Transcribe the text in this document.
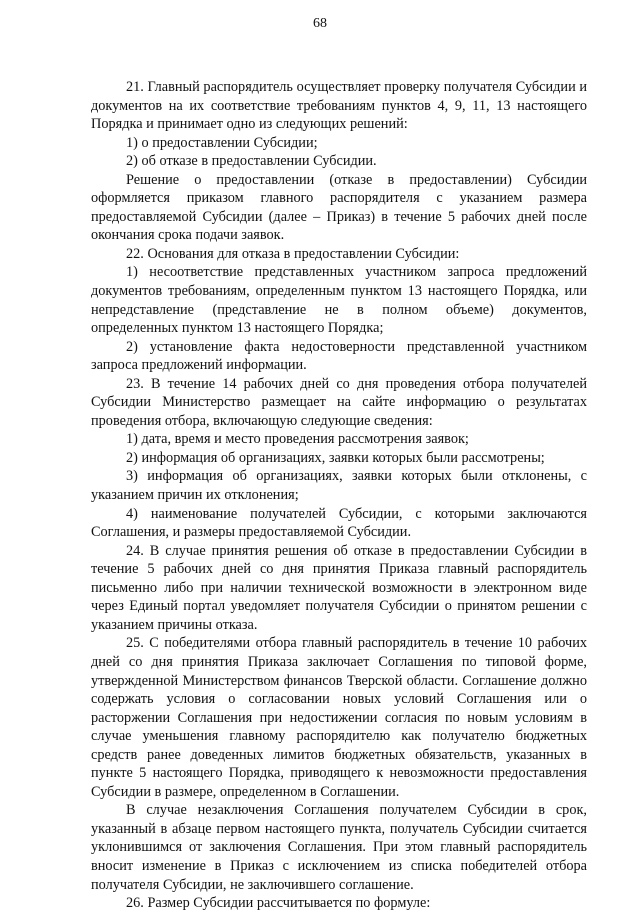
68

21. Главный распорядитель осуществляет проверку получателя Субсидии и документов на их соответствие требованиям пунктов 4, 9, 11, 13 настоящего Порядка и принимает одно из следующих решений:

1) о предоставлении Субсидии;

2) об отказе в предоставлении Субсидии.

Решение о предоставлении (отказе в предоставлении) Субсидии оформляется приказом главного распорядителя с указанием размера предоставляемой Субсидии (далее – Приказ) в течение 5 рабочих дней после окончания срока подачи заявок.

22. Основания для отказа в предоставлении Субсидии:

1) несоответствие представленных участником запроса предложений документов требованиям, определенным пунктом 13 настоящего Порядка, или непредставление (представление не в полном объеме) документов, определенных пунктом 13 настоящего Порядка;

2) установление факта недостоверности представленной участником запроса предложений информации.

23. В течение 14 рабочих дней со дня проведения отбора получателей Субсидии Министерство размещает на сайте информацию о результатах проведения отбора, включающую следующие сведения:

1) дата, время и место проведения рассмотрения заявок;

2) информация об организациях, заявки которых были рассмотрены;

3) информация об организациях, заявки которых были отклонены, с указанием причин их отклонения;

4) наименование получателей Субсидии, с которыми заключаются Соглашения, и размеры предоставляемой Субсидии.

24. В случае принятия решения об отказе в предоставлении Субсидии в течение 5 рабочих дней со дня принятия Приказа главный распорядитель письменно либо при наличии технической возможности в электронном виде через Единый портал уведомляет получателя Субсидии о принятом решении с указанием причины отказа.

25. С победителями отбора главный распорядитель в течение 10 рабочих дней со дня принятия Приказа заключает Соглашения по типовой форме, утвержденной Министерством финансов Тверской области. Соглашение должно содержать условия о согласовании новых условий Соглашения или о расторжении Соглашения при недостижении согласия по новым условиям в случае уменьшения главному распорядителю как получателю бюджетных средств ранее доведенных лимитов бюджетных обязательств, указанных в пункте 5 настоящего Порядка, приводящего к невозможности предоставления Субсидии в размере, определенном в Соглашении.

В случае незаключения Соглашения получателем Субсидии в срок, указанный в абзаце первом настоящего пункта, получатель Субсидии считается уклонившимся от заключения Соглашения. При этом главный распорядитель вносит изменение в Приказ с исключением из списка победителей отбора получателя Субсидии, не заключившего соглашение.

26. Размер Субсидии рассчитывается по формуле:
